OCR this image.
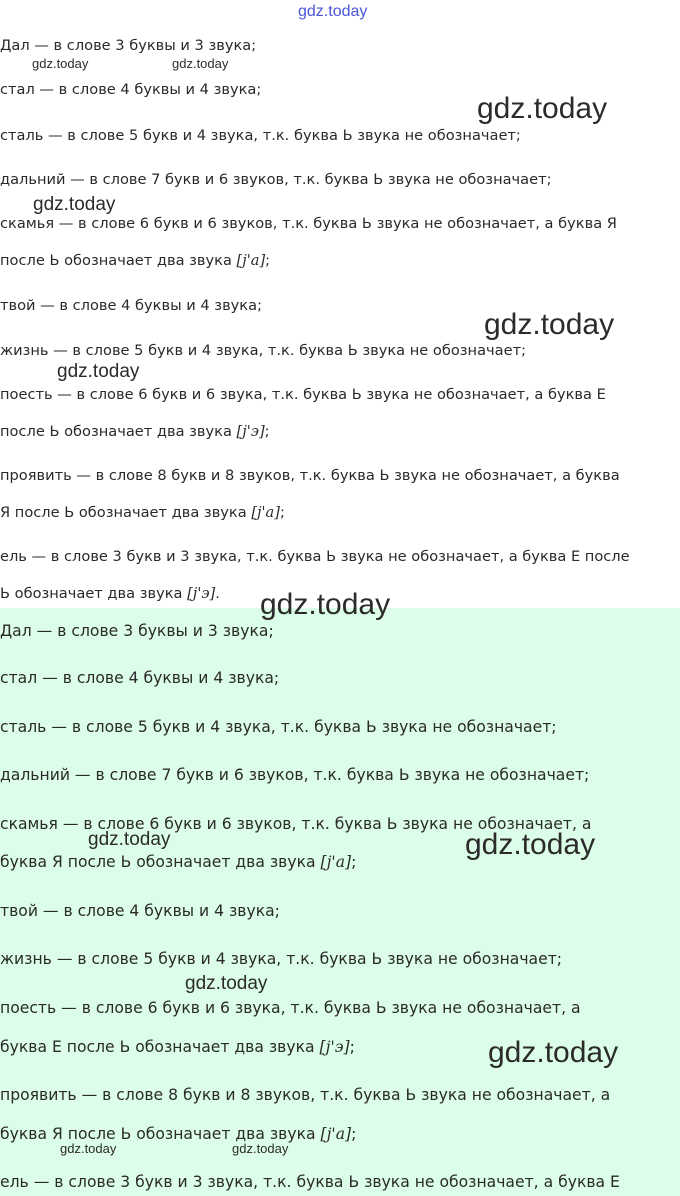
Дал — в слове 3 буквы и 3 звука;
стал — в слове 4 буквы и 4 звука;
сталь — в слове 5 букв и 4 звука, т.к. буква Ь звука не обозначает;
дальний — в слове 7 букв и 6 звуков, т.к. буква Ь звука не обозначает;
скамья — в слове 6 букв и 6 звуков, т.к. буква Ь звука не обозначает, а буква Я
после Ь обозначает два звука [j'а];
твой — в слове 4 буквы и 4 звука;
жизнь — в слове 5 букв и 4 звука, т.к. буква Ь звука не обозначает;
поесть — в слове 6 букв и 6 звука, т.к. буква Ь звука не обозначает, а буква Е
после Ь обозначает два звука [j'э];
проявить — в слове 8 букв и 8 звуков, т.к. буква Ь звука не обозначает, а буква
Я после Ь обозначает два звука [j'а];
ель — в слове 3 букв и 3 звука, т.к. буква Ь звука не обозначает, а буква Е после
Ь обозначает два звука [j'э].
Дал — в слове 3 буквы и 3 звука;
стал — в слове 4 буквы и 4 звука;
сталь — в слове 5 букв и 4 звука, т.к. буква Ь звука не обозначает;
дальний — в слове 7 букв и 6 звуков, т.к. буква Ь звука не обозначает;
скамья — в слове 6 букв и 6 звуков, т.к. буква Ь звука не обозначает, а
буква Я после Ь обозначает два звука [j'а];
твой — в слове 4 буквы и 4 звука;
жизнь — в слове 5 букв и 4 звука, т.к. буква Ь звука не обозначает;
поесть — в слове 6 букв и 6 звука, т.к. буква Ь звука не обозначает, а
буква Е после Ь обозначает два звука [j'э];
проявить — в слове 8 букв и 8 звуков, т.к. буква Ь звука не обозначает, а
буква Я после Ь обозначает два звука [j'а];
ель — в слове 3 букв и 3 звука, т.к. буква Ь звука не обозначает, а буква Е
gdz.today
gdz.today	gdz.today
gdz.today
gdz.today
gdz.today
gdz.today
gdz.today
gdz.today	gdz.today
gdz.today
gdz.today
gdz.today	gdz.today
